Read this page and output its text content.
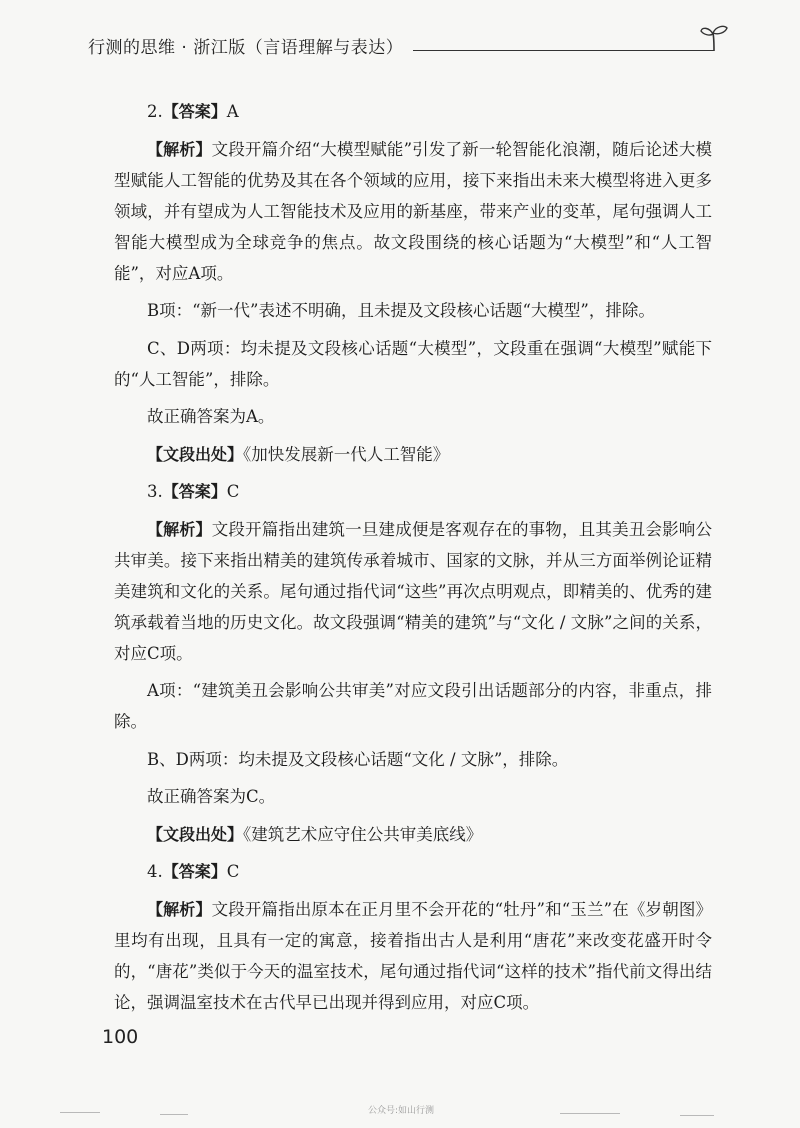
行测的思维 · 浙江版（言语理解与表达）

2.【答案】A

【解析】文段开篇介绍“大模型赋能”引发了新一轮智能化浪潮，随后论述大模型赋能人工智能的优势及其在各个领域的应用，接下来指出未来大模型将进入更多领域，并有望成为人工智能技术及应用的新基座，带来产业的变革，尾句强调人工智能大模型成为全球竞争的焦点。故文段围绕的核心话题为“大模型”和“人工智能”，对应A项。

B项：“新一代”表述不明确，且未提及文段核心话题“大模型”，排除。

C、D两项：均未提及文段核心话题“大模型”，文段重在强调“大模型”赋能下的“人工智能”，排除。

故正确答案为A。

【文段出处】《加快发展新一代人工智能》

3.【答案】C

【解析】文段开篇指出建筑一旦建成便是客观存在的事物，且其美丑会影响公共审美。接下来指出精美的建筑传承着城市、国家的文脉，并从三方面举例论证精美建筑和文化的关系。尾句通过指代词“这些”再次点明观点，即精美的、优秀的建筑承载着当地的历史文化。故文段强调“精美的建筑”与“文化 / 文脉”之间的关系，对应C项。

A项：“建筑美丑会影响公共审美”对应文段引出话题部分的内容，非重点，排除。

B、D两项：均未提及文段核心话题“文化 / 文脉”，排除。

故正确答案为C。

【文段出处】《建筑艺术应守住公共审美底线》

4.【答案】C

【解析】文段开篇指出原本在正月里不会开花的“牡丹”和“玉兰”在《岁朝图》里均有出现，且具有一定的寓意，接着指出古人是利用“唐花”来改变花盛开时令的，“唐花”类似于今天的温室技术，尾句通过指代词“这样的技术”指代前文得出结论，强调温室技术在古代早已出现并得到应用，对应C项。

100
公众号:如山行测
